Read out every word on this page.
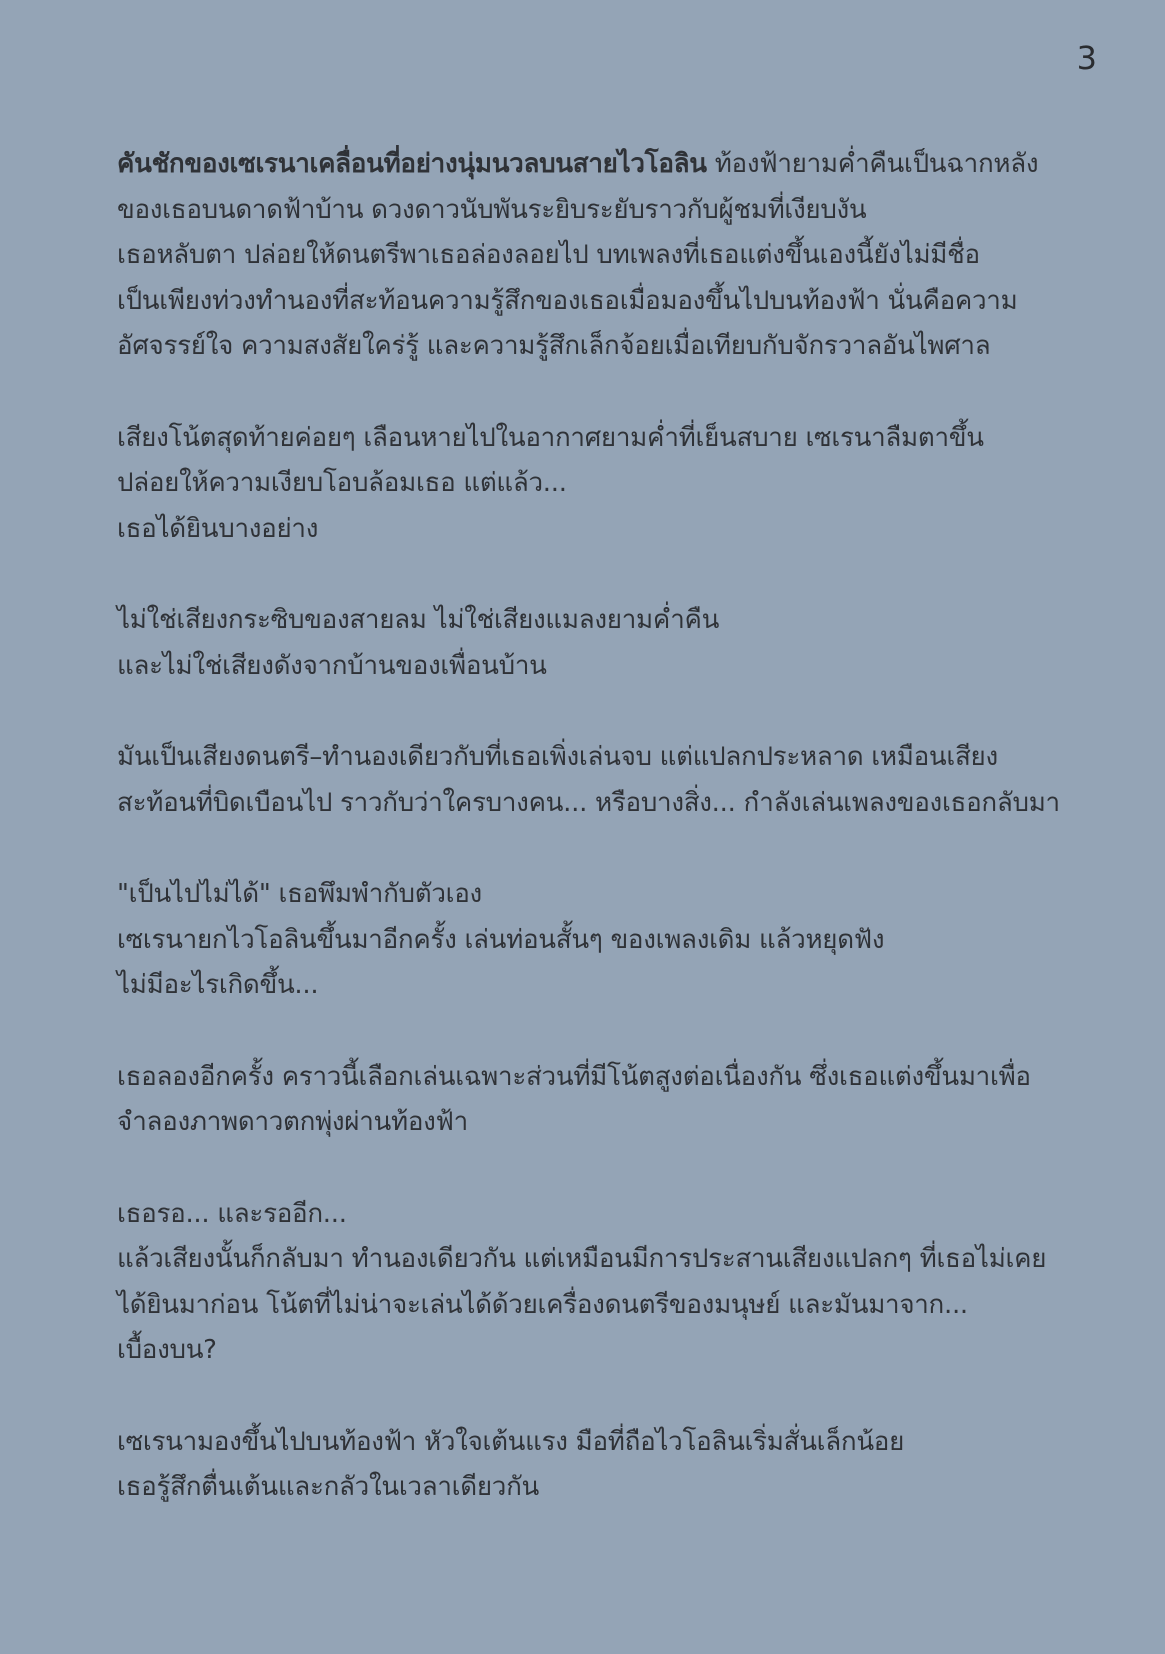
3
คันชักของเซเรนาเคลื่อนที่อย่างนุ่มนวลบนสายไวโอลิน ท้องฟ้ายามค่ำคืนเป็นฉากหลัง
ของเธอบนดาดฟ้าบ้าน ดวงดาวนับพันระยิบระยับราวกับผู้ชมที่เงียบงัน
เธอหลับตา ปล่อยให้ดนตรีพาเธอล่องลอยไป บทเพลงที่เธอแต่งขึ้นเองนี้ยังไม่มีชื่อ
เป็นเพียงท่วงทำนองที่สะท้อนความรู้สึกของเธอเมื่อมองขึ้นไปบนท้องฟ้า นั่นคือความ
อัศจรรย์ใจ ความสงสัยใคร่รู้ และความรู้สึกเล็กจ้อยเมื่อเทียบกับจักรวาลอันไพศาล
เสียงโน้ตสุดท้ายค่อยๆ เลือนหายไปในอากาศยามค่ำที่เย็นสบาย เซเรนาลืมตาขึ้น
ปล่อยให้ความเงียบโอบล้อมเธอ แต่แล้ว...
เธอได้ยินบางอย่าง
ไม่ใช่เสียงกระซิบของสายลม ไม่ใช่เสียงแมลงยามค่ำคืน
และไม่ใช่เสียงดังจากบ้านของเพื่อนบ้าน
มันเป็นเสียงดนตรี–ทำนองเดียวกับที่เธอเพิ่งเล่นจบ แต่แปลกประหลาด เหมือนเสียง
สะท้อนที่บิดเบือนไป ราวกับว่าใครบางคน... หรือบางสิ่ง... กำลังเล่นเพลงของเธอกลับมา
"เป็นไปไม่ได้" เธอพึมพำกับตัวเอง
เซเรนายกไวโอลินขึ้นมาอีกครั้ง เล่นท่อนสั้นๆ ของเพลงเดิม แล้วหยุดฟัง
ไม่มีอะไรเกิดขึ้น...
เธอลองอีกครั้ง คราวนี้เลือกเล่นเฉพาะส่วนที่มีโน้ตสูงต่อเนื่องกัน ซึ่งเธอแต่งขึ้นมาเพื่อ
จำลองภาพดาวตกพุ่งผ่านท้องฟ้า
เธอรอ... และรออีก...
แล้วเสียงนั้นก็กลับมา ทำนองเดียวกัน แต่เหมือนมีการประสานเสียงแปลกๆ ที่เธอไม่เคย
ได้ยินมาก่อน โน้ตที่ไม่น่าจะเล่นได้ด้วยเครื่องดนตรีของมนุษย์ และมันมาจาก...
เบื้องบน?
เซเรนามองขึ้นไปบนท้องฟ้า หัวใจเต้นแรง มือที่ถือไวโอลินเริ่มสั่นเล็กน้อย
เธอรู้สึกตื่นเต้นและกลัวในเวลาเดียวกัน
